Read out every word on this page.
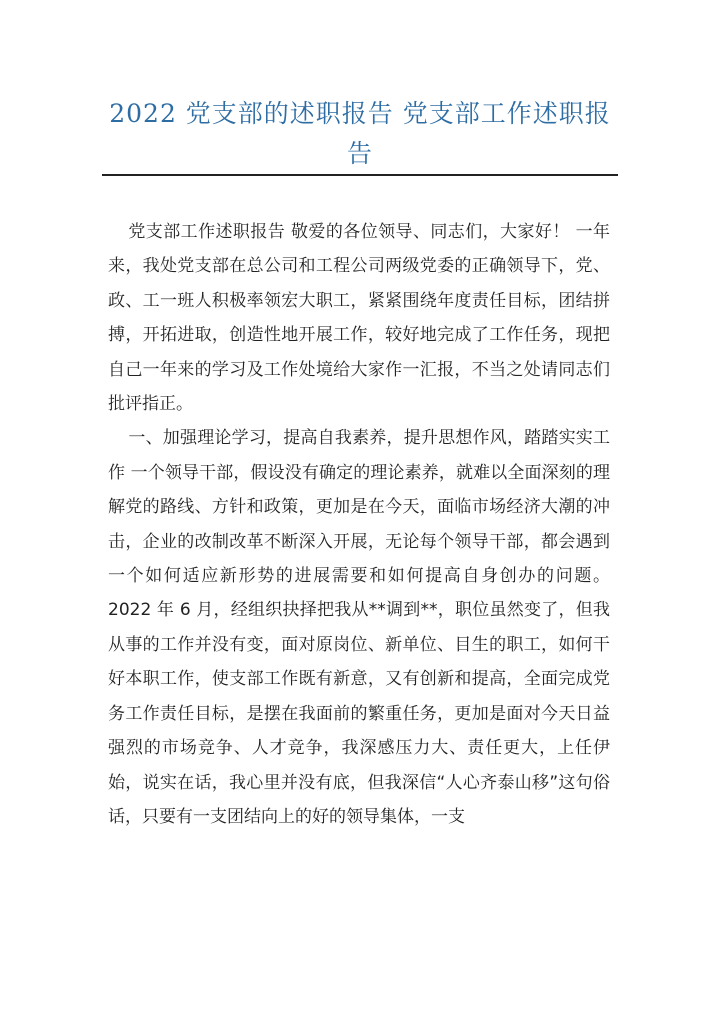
2022 党支部的述职报告 党支部工作述职报告

党支部工作述职报告 敬爱的各位领导、同志们，大家好！ 一年来，我处党支部在总公司和工程公司两级党委的正确领导下，党、政、工一班人积极率领宏大职工，紧紧围绕年度责任目标，团结拼搏，开拓进取，创造性地开展工作，较好地完成了工作任务，现把自己一年来的学习及工作处境给大家作一汇报，不当之处请同志们批评指正。

一、加强理论学习，提高自我素养，提升思想作风，踏踏实实工作 一个领导干部，假设没有确定的理论素养，就难以全面深刻的理解党的路线、方针和政策，更加是在今天，面临市场经济大潮的冲击，企业的改制改革不断深入开展，无论每个领导干部，都会遇到一个如何适应新形势的进展需要和如何提高自身创办的问题。2022 年 6 月，经组织抉择把我从**调到**，职位虽然变了，但我从事的工作并没有变，面对原岗位、新单位、目生的职工，如何干好本职工作，使支部工作既有新意，又有创新和提高，全面完成党务工作责任目标，是摆在我面前的繁重任务，更加是面对今天日益强烈的市场竞争、人才竞争，我深感压力大、责任更大，上任伊始，说实在话，我心里并没有底，但我深信“人心齐泰山移”这句俗话，只要有一支团结向上的好的领导集体，一支
